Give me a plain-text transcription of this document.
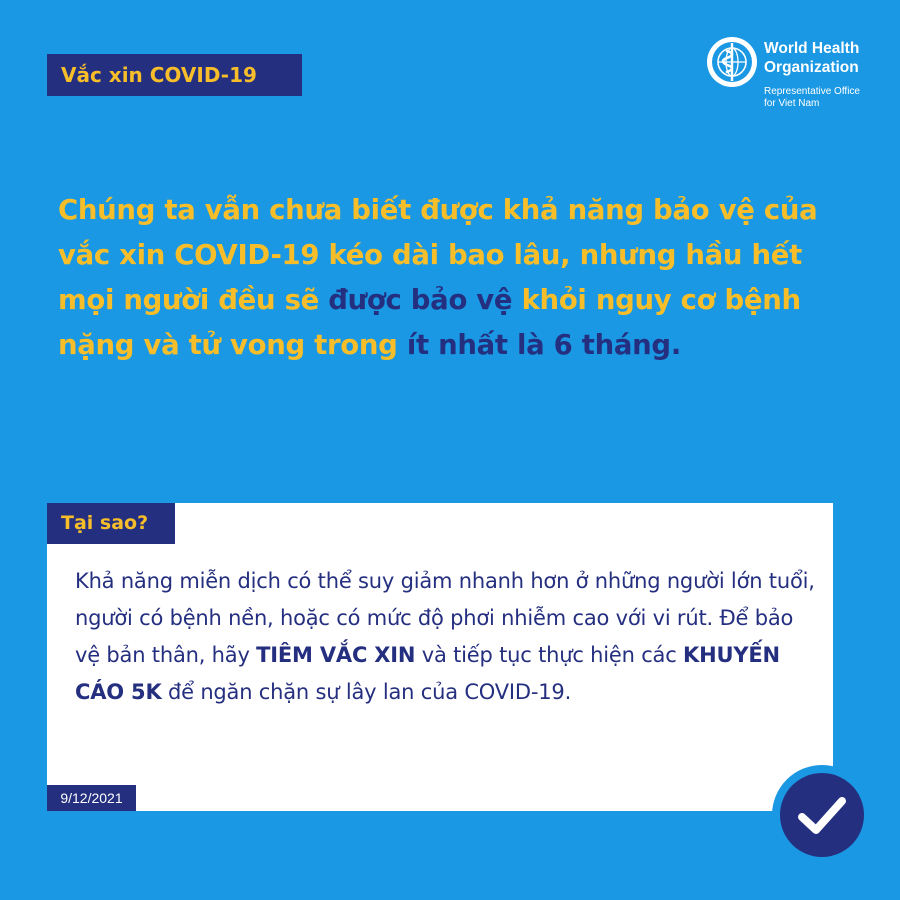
Vắc xin COVID-19
World Health
Organization
Representative Office
for Viet Nam

Chúng ta vẫn chưa biết được khả năng bảo vệ của vắc xin COVID-19 kéo dài bao lâu, nhưng hầu hết mọi người đều sẽ được bảo vệ khỏi nguy cơ bệnh nặng và tử vong trong ít nhất là 6 tháng.

Tại sao?

Khả năng miễn dịch có thể suy giảm nhanh hơn ở những người lớn tuổi, người có bệnh nền, hoặc có mức độ phơi nhiễm cao với vi rút. Để bảo vệ bản thân, hãy TIÊM VẮC XIN và tiếp tục thực hiện các KHUYẾN CÁO 5K để ngăn chặn sự lây lan của COVID-19.

9/12/2021
